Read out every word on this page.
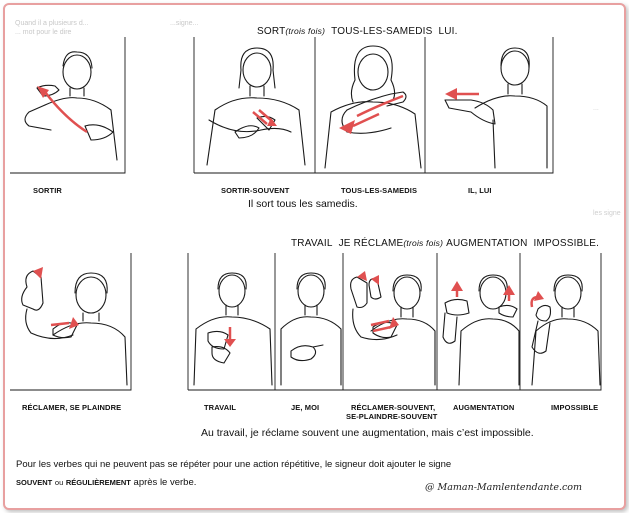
Quand il a plusieurs d...
... mot pour le dire
...signe...
...
les signe
SORT(trois fois) TOUS-LES-SAMEDIS LUI.
SORTIR	SORTIR-SOUVENT	TOUS-LES-SAMEDIS	IL, LUI
Il sort tous les samedis.
TRAVAIL JE RÉCLAME(trois fois) AUGMENTATION IMPOSSIBLE.
RÉCLAMER, SE PLAINDRE	TRAVAIL	JE, MOI	RÉCLAMER-SOUVENT,
SE-PLAINDRE-SOUVENT
AUGMENTATION	IMPOSSIBLE
Au travail, je réclame souvent une augmentation, mais c’est impossible.
Pour les verbes qui ne peuvent pas se répéter pour une action répétitive, le signeur doit ajouter le signe
SOUVENT ou RÉGULIÈREMENT après le verbe.	@ Maman-Mamlentendante.com
